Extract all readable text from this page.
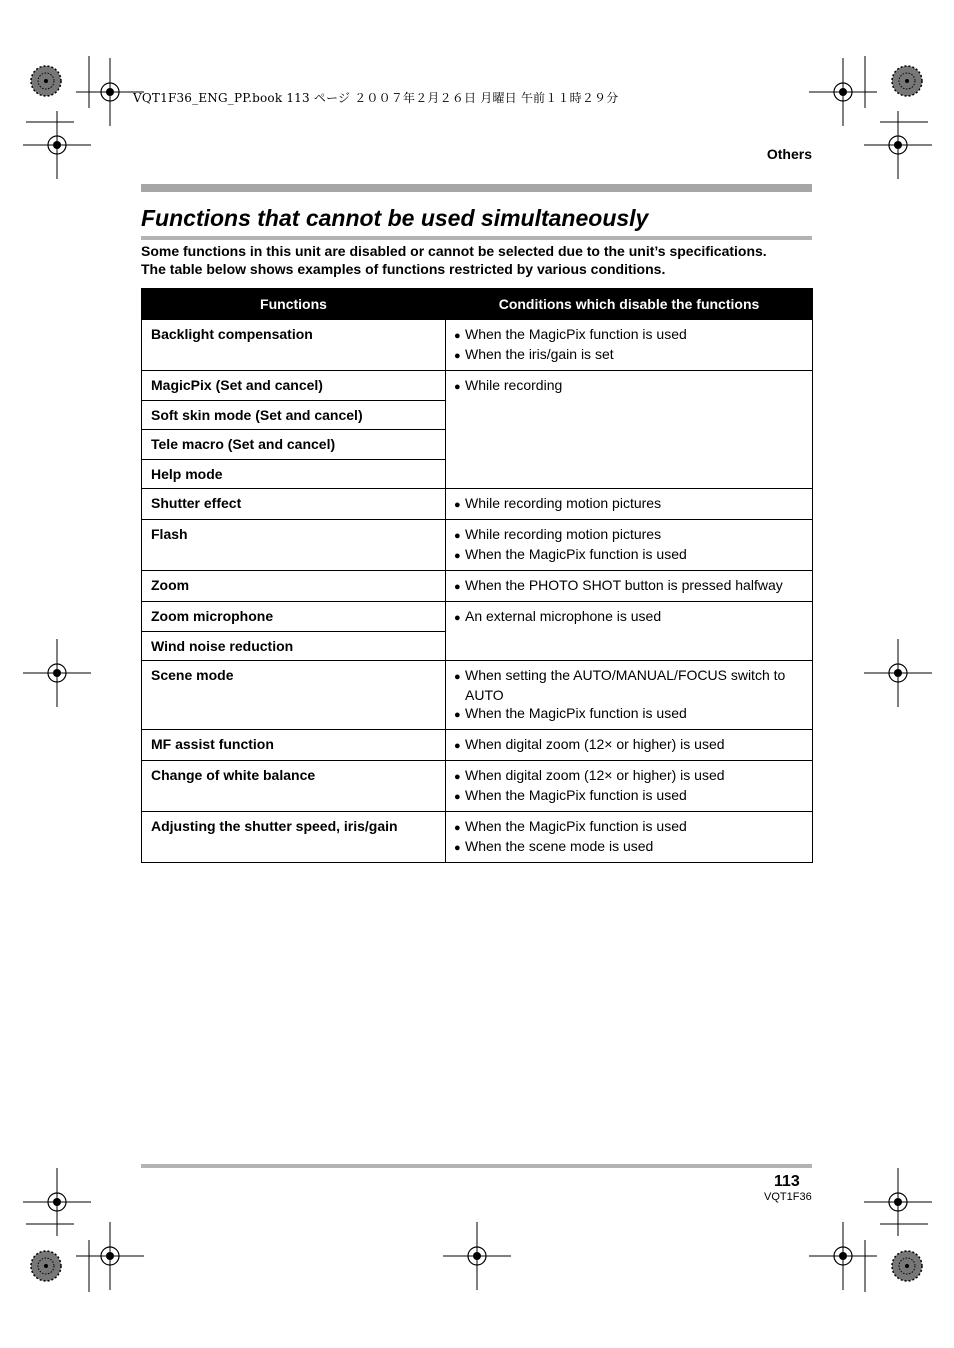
VQT1F36_ENG_PP.book 113 ページ ２００７年２月２６日 月曜日 午前１１時２９分
Others
Functions that cannot be used simultaneously
Some functions in this unit are disabled or cannot be selected due to the unit’s specifications.
The table below shows examples of functions restricted by various conditions.
Functions	Conditions which disable the functions
Backlight compensation	● When the MagicPix function is used
● When the iris/gain is set

MagicPix (Set and cancel)	● While recording

Soft skin mode (Set and cancel)	
Tele macro (Set and cancel)	
Help mode	
Shutter effect	● While recording motion pictures

Flash	● While recording motion pictures
● When the MagicPix function is used

Zoom	● When the PHOTO SHOT button is pressed halfway

Zoom microphone	● An external microphone is used

Wind noise reduction	
Scene mode	● When setting the AUTO/MANUAL/FOCUS switch to AUTO
● When the MagicPix function is used

MF assist function	● When digital zoom (12× or higher) is used

Change of white balance	● When digital zoom (12× or higher) is used
● When the MagicPix function is used

Adjusting the shutter speed, iris/gain	● When the MagicPix function is used
● When the scene mode is used
113
VQT1F36
